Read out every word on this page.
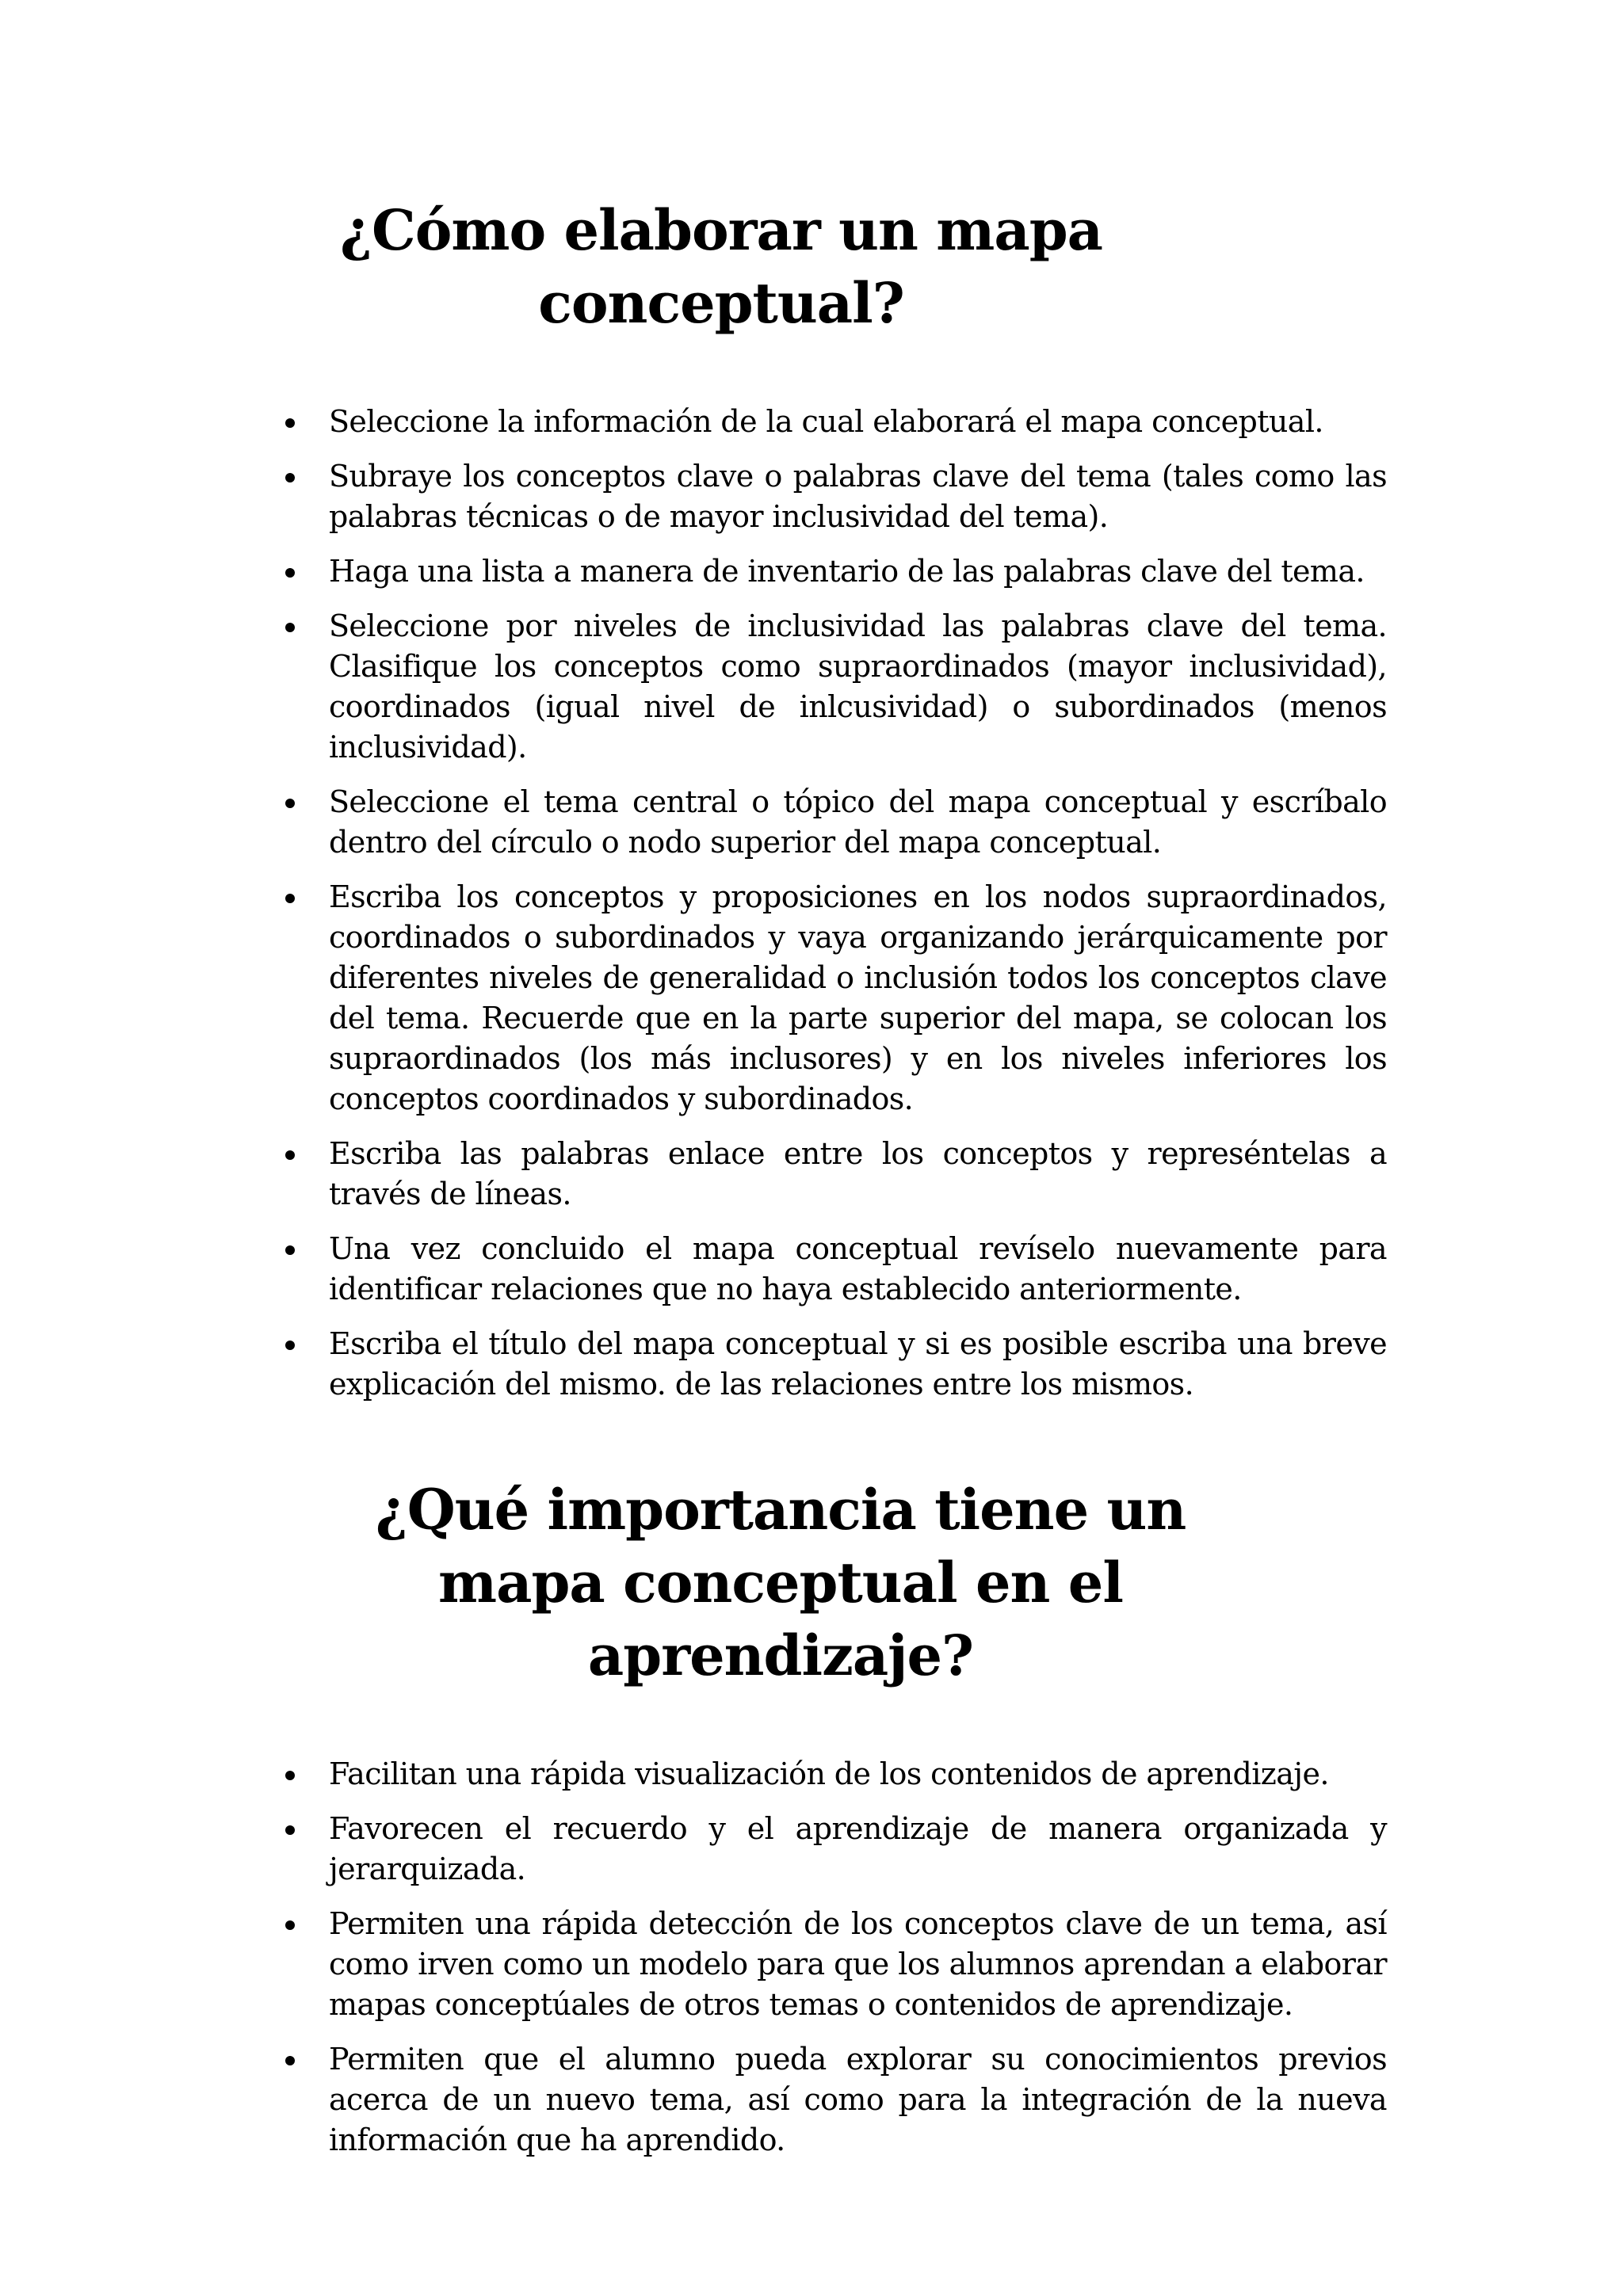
¿Cómo elaborar un mapa conceptual?
Seleccione la información de la cual elaborará el mapa conceptual.
Subraye los conceptos clave o palabras clave del tema (tales como las palabras técnicas o de mayor inclusividad del tema).
Haga una lista a manera de inventario de las palabras clave del tema.
Seleccione por niveles de inclusividad las palabras clave del tema. Clasifique los conceptos como supraordinados (mayor inclusividad), coordinados (igual nivel de inlcusividad) o subordinados (menos inclusividad).
Seleccione el tema central o tópico del mapa conceptual y escríbalo dentro del círculo o nodo superior del mapa conceptual.
Escriba los conceptos y proposiciones en los nodos supraordinados, coordinados o subordinados y vaya organizando jerárquicamente por diferentes niveles de generalidad o inclusión todos los conceptos clave del tema. Recuerde que en la parte superior del mapa, se colocan los supraordinados (los más inclusores) y en los niveles inferiores los conceptos coordinados y subordinados.
Escriba las palabras enlace entre los conceptos y represéntelas a través de líneas.
Una vez concluido el mapa conceptual revíselo nuevamente para identificar relaciones que no haya establecido anteriormente.
Escriba el título del mapa conceptual y si es posible escriba una breve explicación del mismo. de las relaciones entre los mismos.
¿Qué importancia tiene un mapa conceptual en el aprendizaje?
Facilitan una rápida visualización de los contenidos de aprendizaje.
Favorecen el recuerdo y el aprendizaje de manera organizada y jerarquizada.
Permiten una rápida detección de los conceptos clave de un tema, así como irven como un modelo para que los alumnos aprendan a elaborar mapas conceptúales de otros temas o contenidos de aprendizaje.
Permiten que el alumno pueda explorar su conocimientos previos acerca de un nuevo tema, así como para la integración de la nueva información que ha aprendido.
